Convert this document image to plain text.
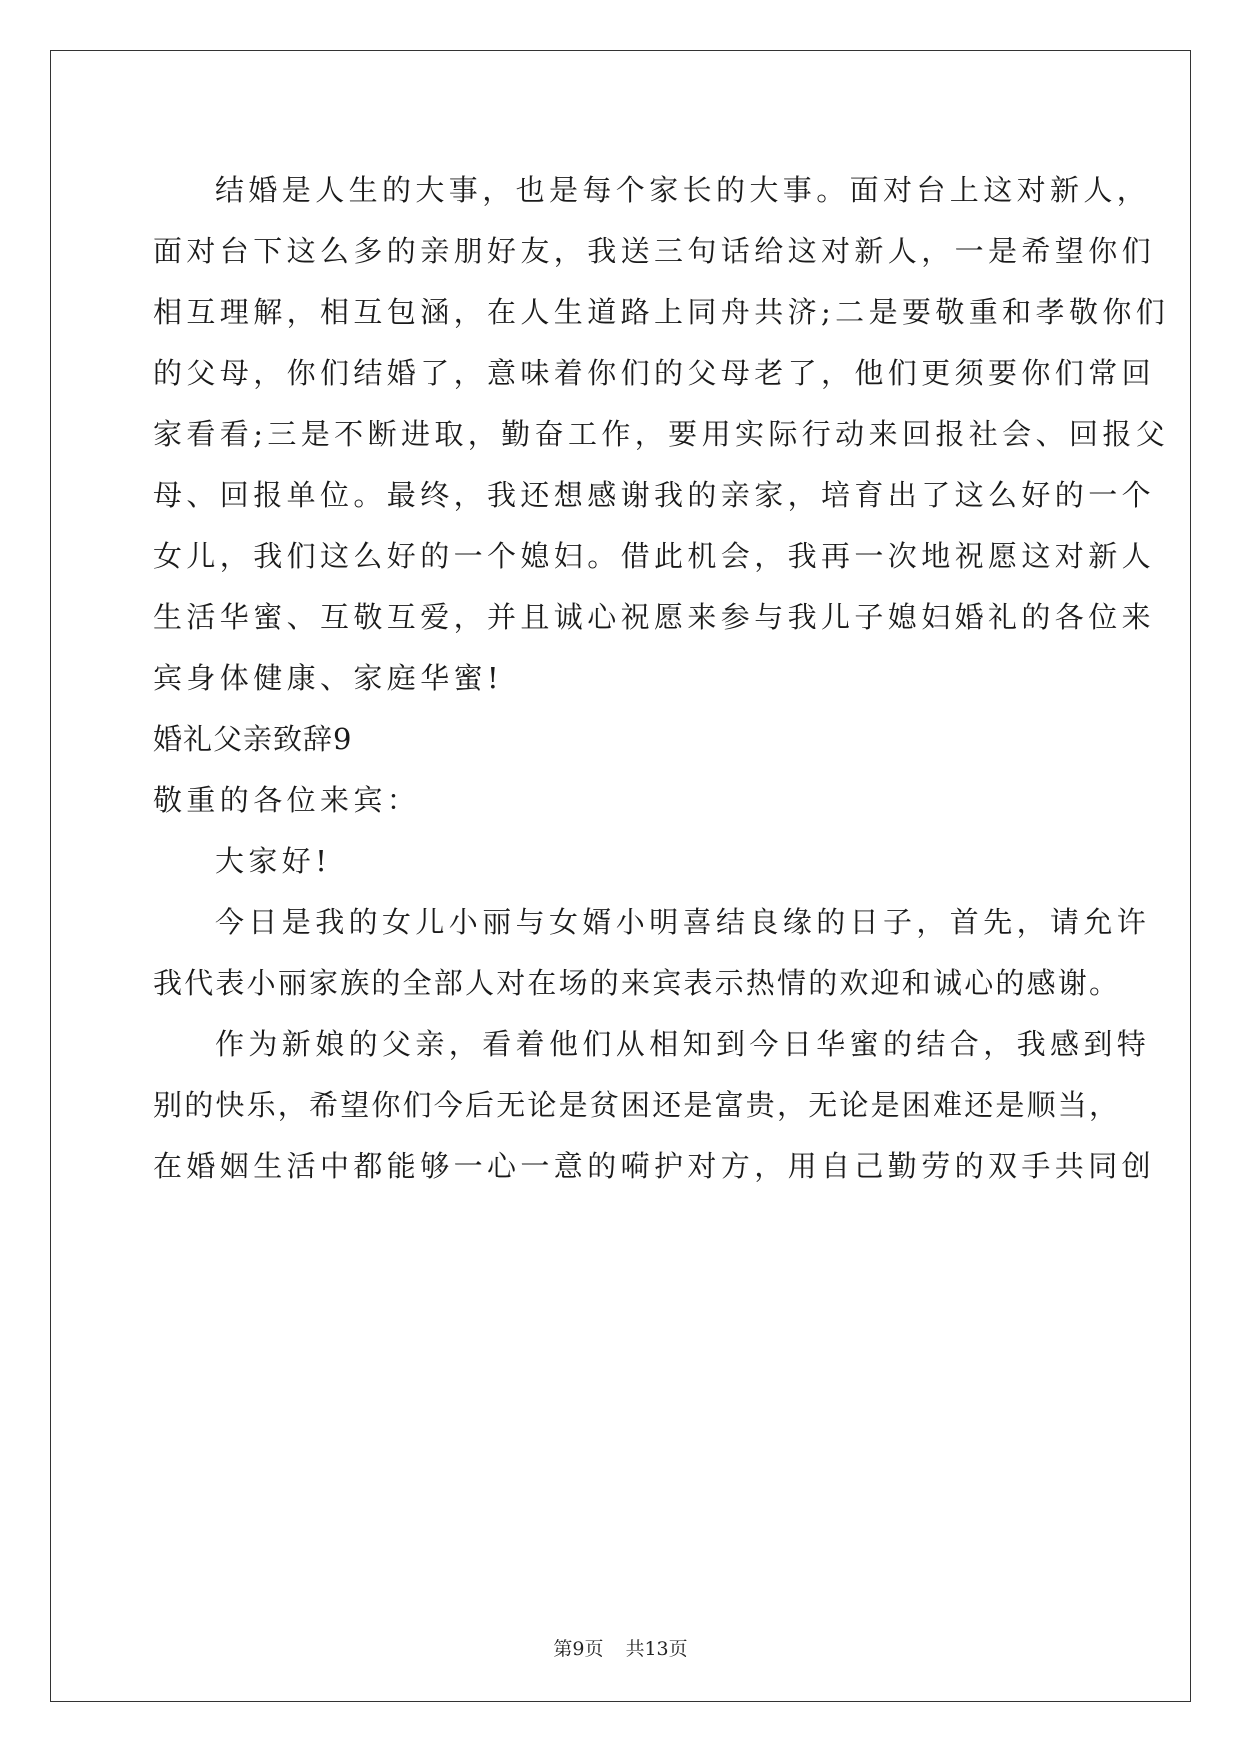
结婚是人生的大事，也是每个家长的大事。面对台上这对新人，

面对台下这么多的亲朋好友，我送三句话给这对新人，一是希望你们

相互理解，相互包涵，在人生道路上同舟共济;二是要敬重和孝敬你们

的父母，你们结婚了，意味着你们的父母老了，他们更须要你们常回

家看看;三是不断进取，勤奋工作，要用实际行动来回报社会、回报父

母、回报单位。最终，我还想感谢我的亲家，培育出了这么好的一个

女儿，我们这么好的一个媳妇。借此机会，我再一次地祝愿这对新人

生活华蜜、互敬互爱，并且诚心祝愿来参与我儿子媳妇婚礼的各位来

宾身体健康、家庭华蜜!

婚礼父亲致辞9

敬重的各位来宾：

大家好!

今日是我的女儿小丽与女婿小明喜结良缘的日子，首先，请允许

我代表小丽家族的全部人对在场的来宾表示热情的欢迎和诚心的感谢。

作为新娘的父亲，看着他们从相知到今日华蜜的结合，我感到特

别的快乐，希望你们今后无论是贫困还是富贵，无论是困难还是顺当，

在婚姻生活中都能够一心一意的嗬护对方，用自己勤劳的双手共同创

第9页 共13页
